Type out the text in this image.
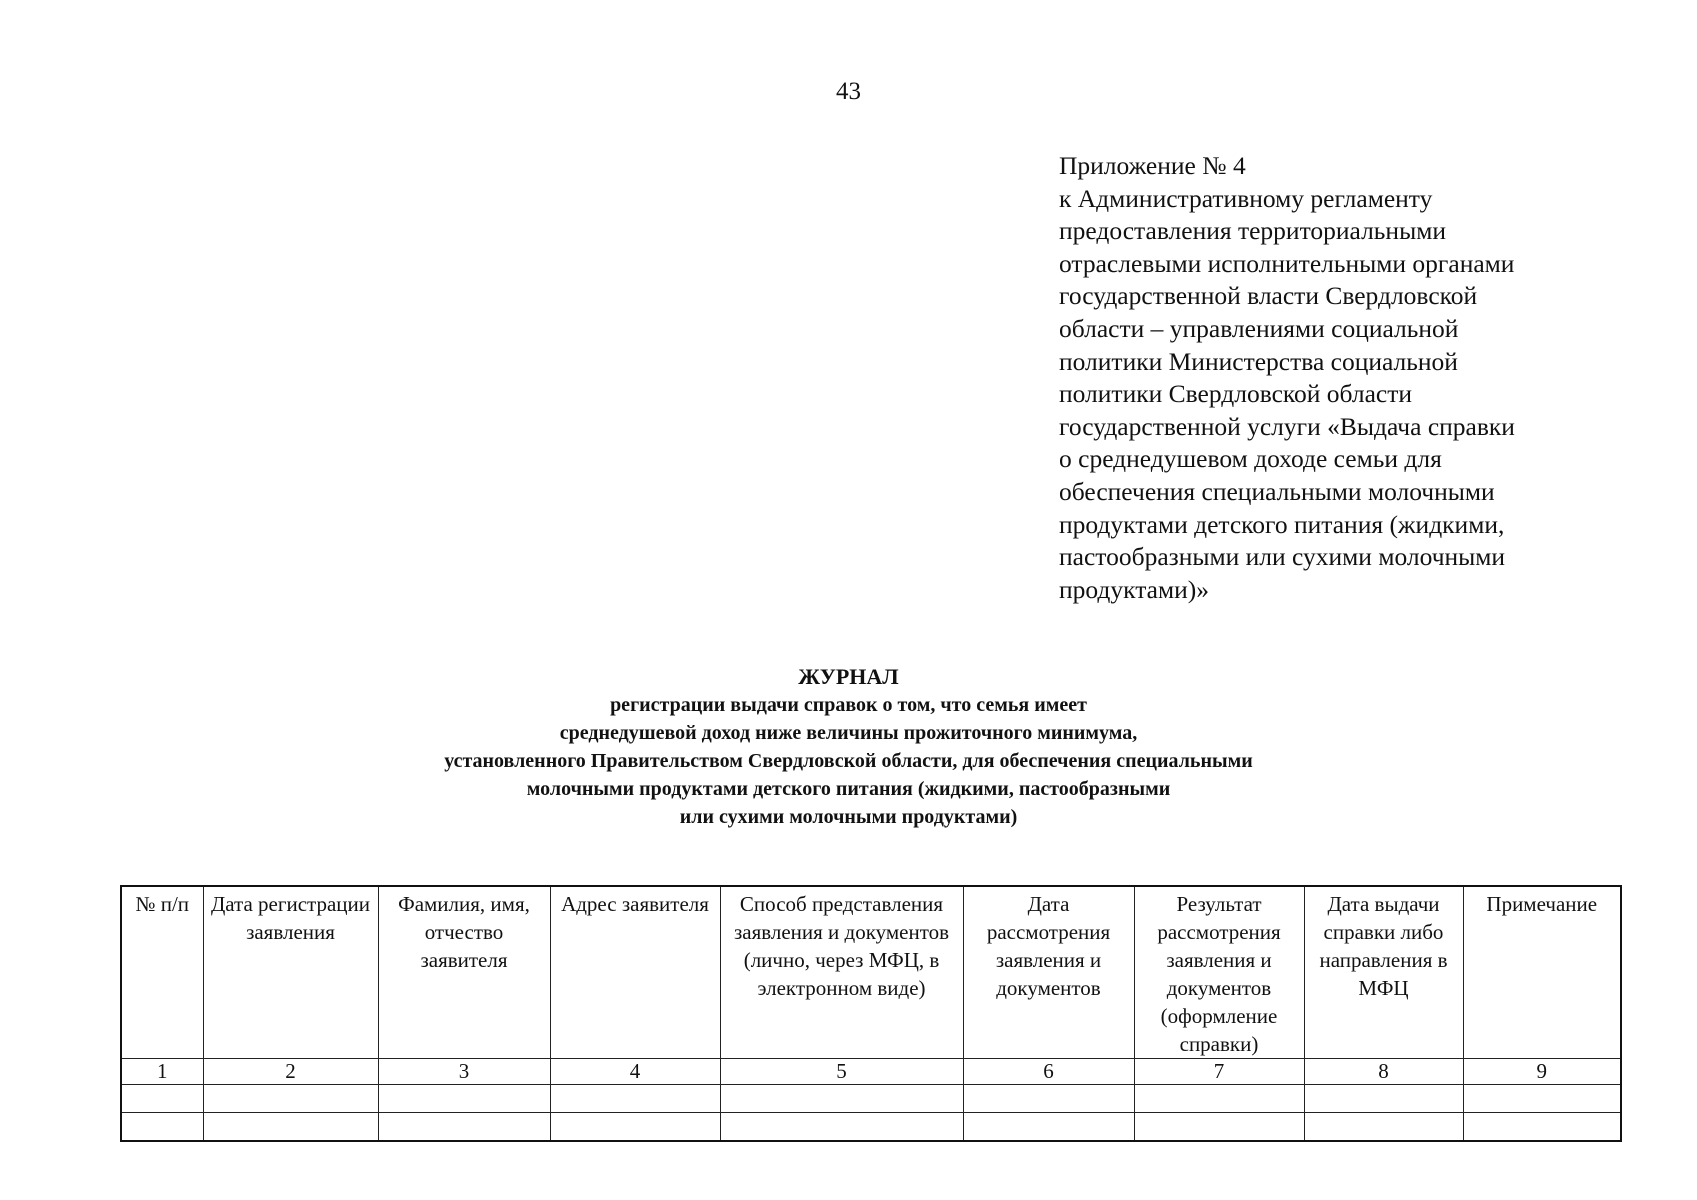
43
Приложение № 4
к Административному регламенту
предоставления территориальными
отраслевыми исполнительными органами
государственной власти Свердловской
области – управлениями социальной
политики Министерства социальной
политики Свердловской области
государственной услуги «Выдача справки
о среднедушевом доходе семьи для
обеспечения специальными молочными
продуктами детского питания (жидкими,
пастообразными или сухими молочными
продуктами)»
ЖУРНАЛ
регистрации выдачи справок о том, что семья имеет
среднедушевой доход ниже величины прожиточного минимума,
установленного Правительством Свердловской области, для обеспечения специальными
молочными продуктами детского питания (жидкими, пастообразными
или сухими молочными продуктами)
№ п/п	Дата регистрации заявления	Фамилия, имя, отчество заявителя	Адрес заявителя	Способ представления заявления и документов (лично, через МФЦ, в электронном виде)	Дата рассмотрения заявления и документов	Результат рассмотрения заявления и документов (оформление справки)	Дата выдачи справки либо направления в МФЦ	Примечание
1	2	3	4	5	6	7	8	9
